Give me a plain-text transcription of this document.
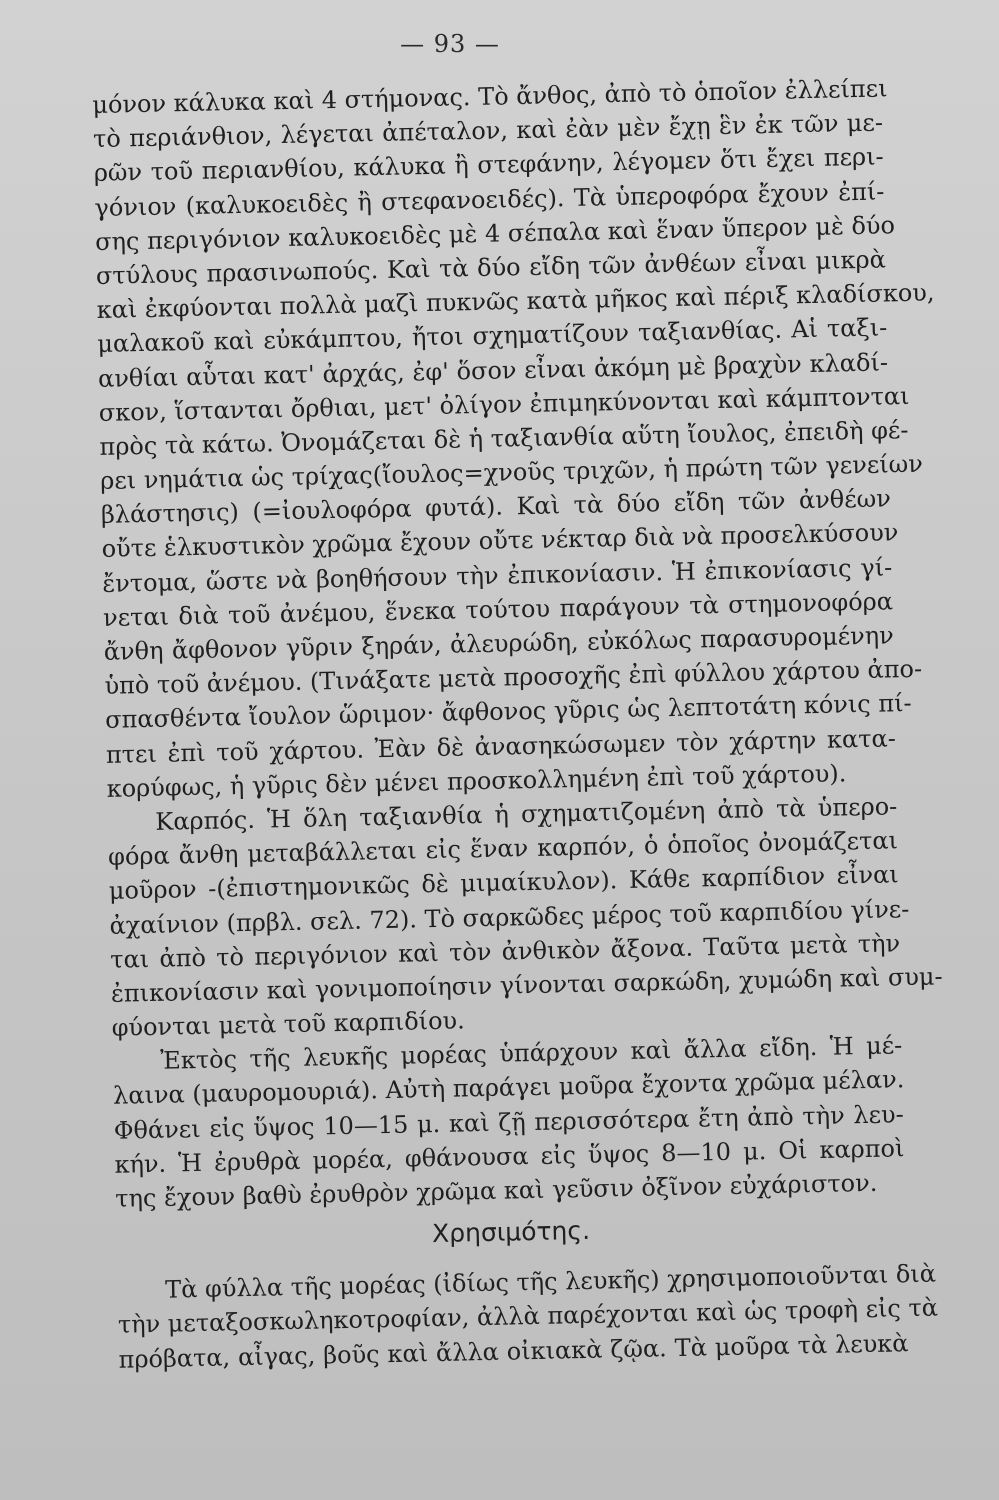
— 93 —
μόνον κάλυκα καὶ 4 στήμονας. Τὸ ἄνθος, ἀπὸ τὸ ὁποῖον ἐλλείπει
τὸ περιάνθιον, λέγεται ἀπέταλον, καὶ ἐὰν μὲν ἔχῃ ἓν ἐκ τῶν με-
ρῶν τοῦ περιανθίου, κάλυκα ἢ στεφάνην, λέγομεν ὅτι ἔχει περι-
γόνιον (καλυκοειδὲς ἢ στεφανοειδές). Τὰ ὑπεροφόρα ἔχουν ἐπί-
σης περιγόνιον καλυκοειδὲς μὲ 4 σέπαλα καὶ ἕναν ὕπερον μὲ δύο
στύλους πρασινωπούς. Καὶ τὰ δύο εἴδη τῶν ἀνθέων εἶναι μικρὰ
καὶ ἐκφύονται πολλὰ μαζὶ πυκνῶς κατὰ μῆκος καὶ πέριξ κλαδίσκου,
μαλακοῦ καὶ εὐκάμπτου, ἤτοι σχηματίζουν ταξιανθίας. Αἱ ταξι-
ανθίαι αὗται κατ' ἀρχάς, ἐφ' ὅσον εἶναι ἀκόμη μὲ βραχὺν κλαδί-
σκον, ἵστανται ὄρθιαι, μετ' ὀλίγον ἐπιμηκύνονται καὶ κάμπτονται
πρὸς τὰ κάτω. Ὀνομάζεται δὲ ἡ ταξιανθία αὕτη ἴουλος, ἐπειδὴ φέ-
ρει νημάτια ὡς τρίχας(ἴουλος=χνοῦς τριχῶν, ἡ πρώτη τῶν γενείων
βλάστησις) (=ἰουλοφόρα φυτά). Καὶ τὰ δύο εἴδη τῶν ἀνθέων
οὔτε ἑλκυστικὸν χρῶμα ἔχουν οὔτε νέκταρ διὰ νὰ προσελκύσουν
ἔντομα, ὥστε νὰ βοηθήσουν τὴν ἐπικονίασιν. Ἡ ἐπικονίασις γί-
νεται διὰ τοῦ ἀνέμου, ἕνεκα τούτου παράγουν τὰ στημονοφόρα
ἄνθη ἄφθονον γῦριν ξηράν, ἀλευρώδη, εὐκόλως παρασυρομένην
ὑπὸ τοῦ ἀνέμου. (Τινάξατε μετὰ προσοχῆς ἐπὶ φύλλου χάρτου ἀπο-
σπασθέντα ἴουλον ὥριμον· ἄφθονος γῦρις ὡς λεπτοτάτη κόνις πί-
πτει ἐπὶ τοῦ χάρτου. Ἐὰν δὲ ἀνασηκώσωμεν τὸν χάρτην κατα-
κορύφως, ἡ γῦρις δὲν μένει προσκολλημένη ἐπὶ τοῦ χάρτου).
Καρπός. Ἡ ὅλη ταξιανθία ἡ σχηματιζομένη ἀπὸ τὰ ὑπερο-
φόρα ἄνθη μεταβάλλεται εἰς ἕναν καρπόν, ὁ ὁποῖος ὀνομάζεται
μοῦρον -(ἐπιστημονικῶς δὲ μιμαίκυλον). Κάθε καρπίδιον εἶναι
ἀχαίνιον (πρβλ. σελ. 72). Τὸ σαρκῶδες μέρος τοῦ καρπιδίου γίνε-
ται ἀπὸ τὸ περιγόνιον καὶ τὸν ἀνθικὸν ἄξονα. Ταῦτα μετὰ τὴν
ἐπικονίασιν καὶ γονιμοποίησιν γίνονται σαρκώδη, χυμώδη καὶ συμ-
φύονται μετὰ τοῦ καρπιδίου.
Ἐκτὸς τῆς λευκῆς μορέας ὑπάρχουν καὶ ἄλλα εἴδη. Ἡ μέ-
λαινα (μαυρομουριά). Αὐτὴ παράγει μοῦρα ἔχοντα χρῶμα μέλαν.
Φθάνει εἰς ὕψος 10—15 μ. καὶ ζῇ περισσότερα ἔτη ἀπὸ τὴν λευ-
κήν. Ἡ ἐρυθρὰ μορέα, φθάνουσα εἰς ὕψος 8—10 μ. Οἱ καρποὶ
της ἔχουν βαθὺ ἐρυθρὸν χρῶμα καὶ γεῦσιν ὀξῖνον εὐχάριστον.
Χρησιμότης.
Τὰ φύλλα τῆς μορέας (ἰδίως τῆς λευκῆς) χρησιμοποιοῦνται διὰ
τὴν μεταξοσκωληκοτροφίαν, ἀλλὰ παρέχονται καὶ ὡς τροφὴ εἰς τὰ
πρόβατα, αἶγας, βοῦς καὶ ἄλλα οἰκιακὰ ζῷα. Τὰ μοῦρα τὰ λευκὰ
